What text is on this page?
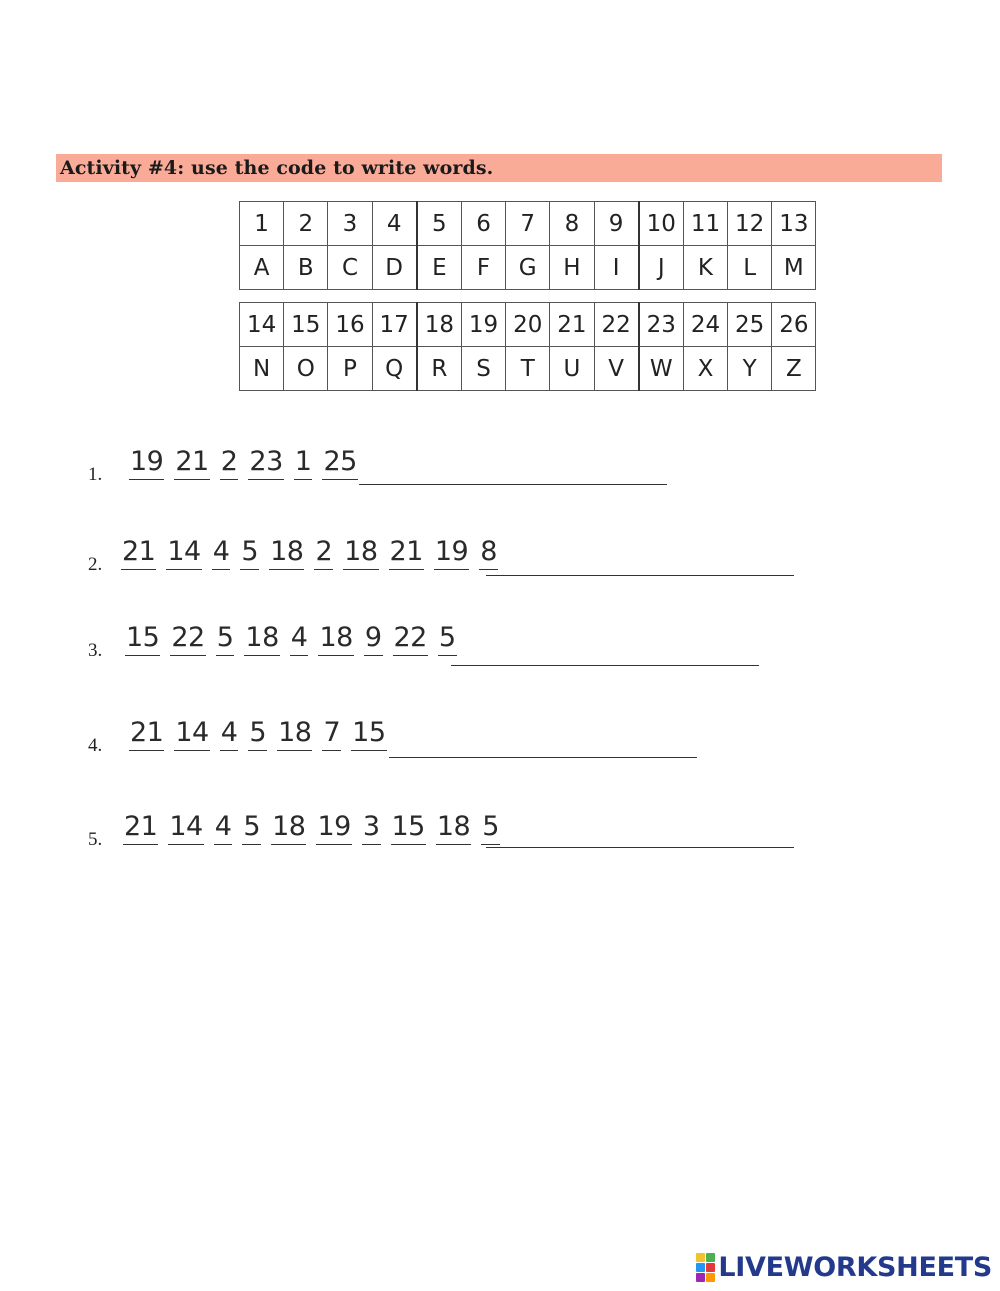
Activity #4: use the code to write words.
1	2	3	4	5	6	7	8	9	10	11	12	13
A	B	C	D	E	F	G	H	I	J	K	L	M
14	15	16	17	18	19	20	21	22	23	24	25	26
N	O	P	Q	R	S	T	U	V	W	X	Y	Z
1. 19 21 2 23 1 25
2. 21 14 4 5 18 2 18 21 19 8
3. 15 22 5 18 4 18 9 22 5
4. 21 14 4 5 18 7 15
5. 21 14 4 5 18 19 3 15 18 5
LIVEWORKSHEETS
